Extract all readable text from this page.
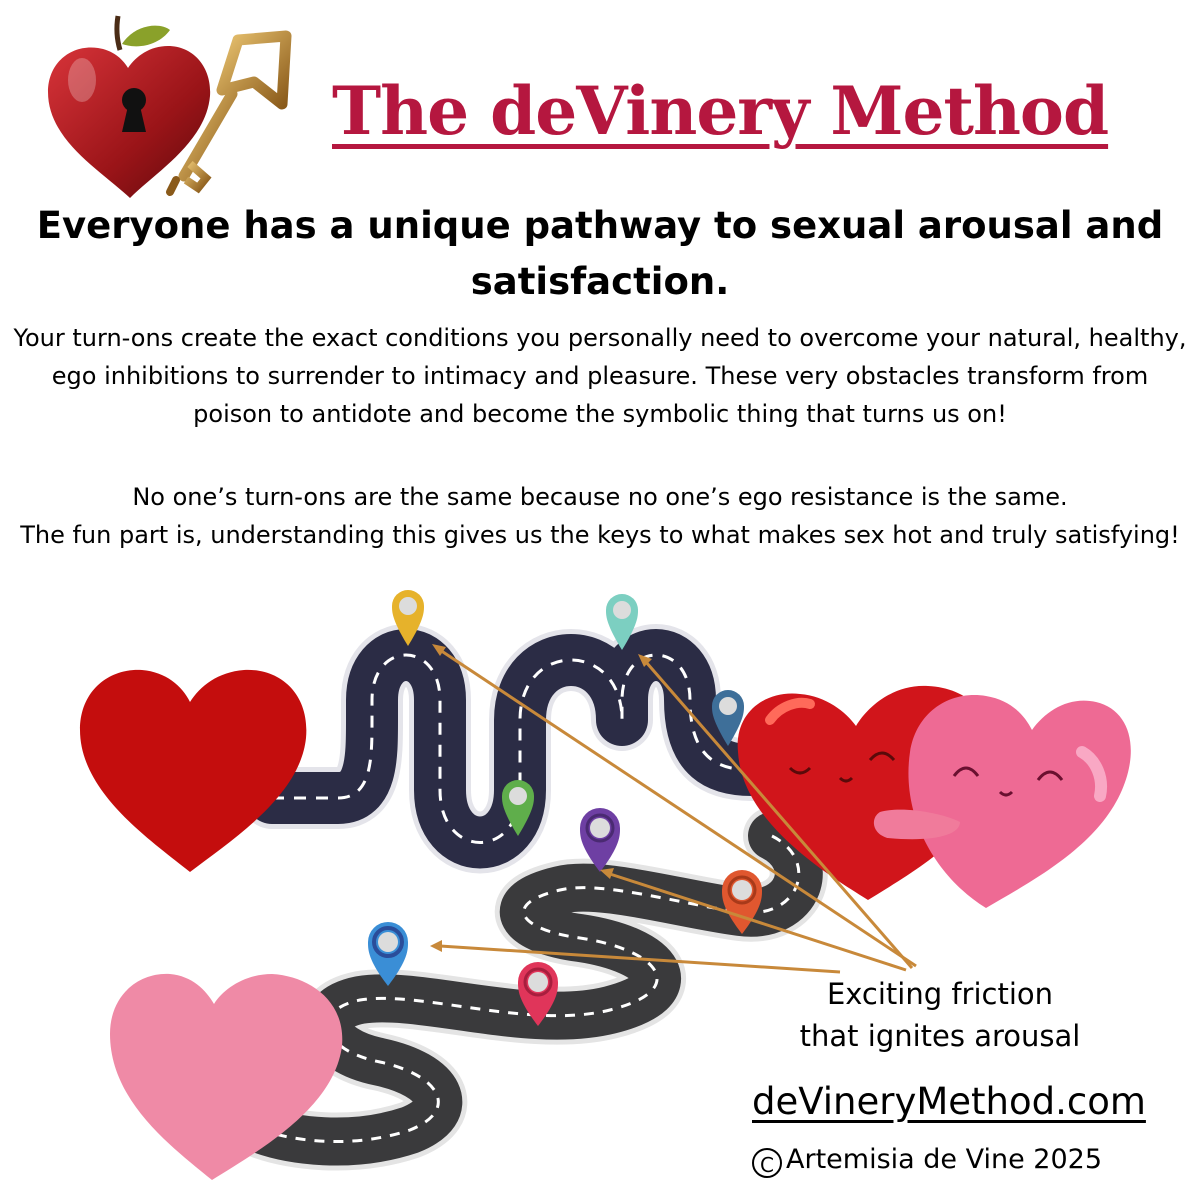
The deVinery Method
Everyone has a unique pathway to sexual arousal and satisfaction.
Your turn-ons create the exact conditions you personally need to overcome your natural, healthy, ego inhibitions to surrender to intimacy and pleasure. These very obstacles transform from poison to antidote and become the symbolic thing that turns us on!
No one’s turn-ons are the same because no one’s ego resistance is the same.
The fun part is, understanding this gives us the keys to what makes sex hot and truly satisfying!
Exciting friction
that ignites arousal
deVineryMethod.com
C Artemisia de Vine 2025
